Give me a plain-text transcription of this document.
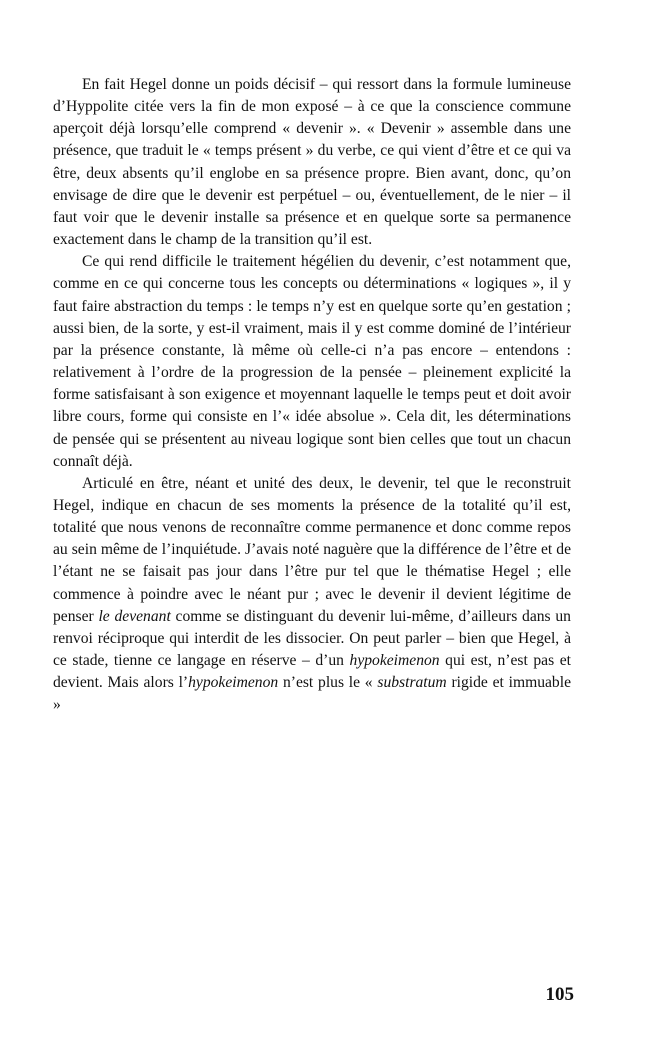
En fait Hegel donne un poids décisif – qui ressort dans la formule lumineuse d’Hyppolite citée vers la fin de mon exposé – à ce que la conscience commune aperçoit déjà lorsqu’elle comprend « devenir ». « Devenir » assemble dans une présence, que traduit le « temps présent » du verbe, ce qui vient d’être et ce qui va être, deux absents qu’il englobe en sa présence propre. Bien avant, donc, qu’on envisage de dire que le devenir est perpétuel – ou, éventuellement, de le nier – il faut voir que le devenir installe sa présence et en quelque sorte sa permanence exactement dans le champ de la transition qu’il est.

Ce qui rend difficile le traitement hégélien du devenir, c’est notamment que, comme en ce qui concerne tous les concepts ou déterminations « logiques », il y faut faire abstraction du temps : le temps n’y est en quelque sorte qu’en gestation ; aussi bien, de la sorte, y est-il vraiment, mais il y est comme dominé de l’intérieur par la présence constante, là même où celle-ci n’a pas encore – entendons : relativement à l’ordre de la progression de la pensée – pleinement explicité la forme satisfaisant à son exigence et moyennant laquelle le temps peut et doit avoir libre cours, forme qui consiste en l’« idée absolue ». Cela dit, les déterminations de pensée qui se présentent au niveau logique sont bien celles que tout un chacun connaît déjà.

Articulé en être, néant et unité des deux, le devenir, tel que le reconstruit Hegel, indique en chacun de ses moments la présence de la totalité qu’il est, totalité que nous venons de reconnaître comme permanence et donc comme repos au sein même de l’inquiétude. J’avais noté naguère que la différence de l’être et de l’étant ne se faisait pas jour dans l’être pur tel que le thématise Hegel ; elle commence à poindre avec le néant pur ; avec le devenir il devient légitime de penser le devenant comme se distinguant du devenir lui-même, d’ailleurs dans un renvoi réciproque qui interdit de les dissocier. On peut parler – bien que Hegel, à ce stade, tienne ce langage en réserve – d’un hypokeimenon qui est, n’est pas et devient. Mais alors l’hypokeimenon n’est plus le « substratum rigide et immuable »

105
